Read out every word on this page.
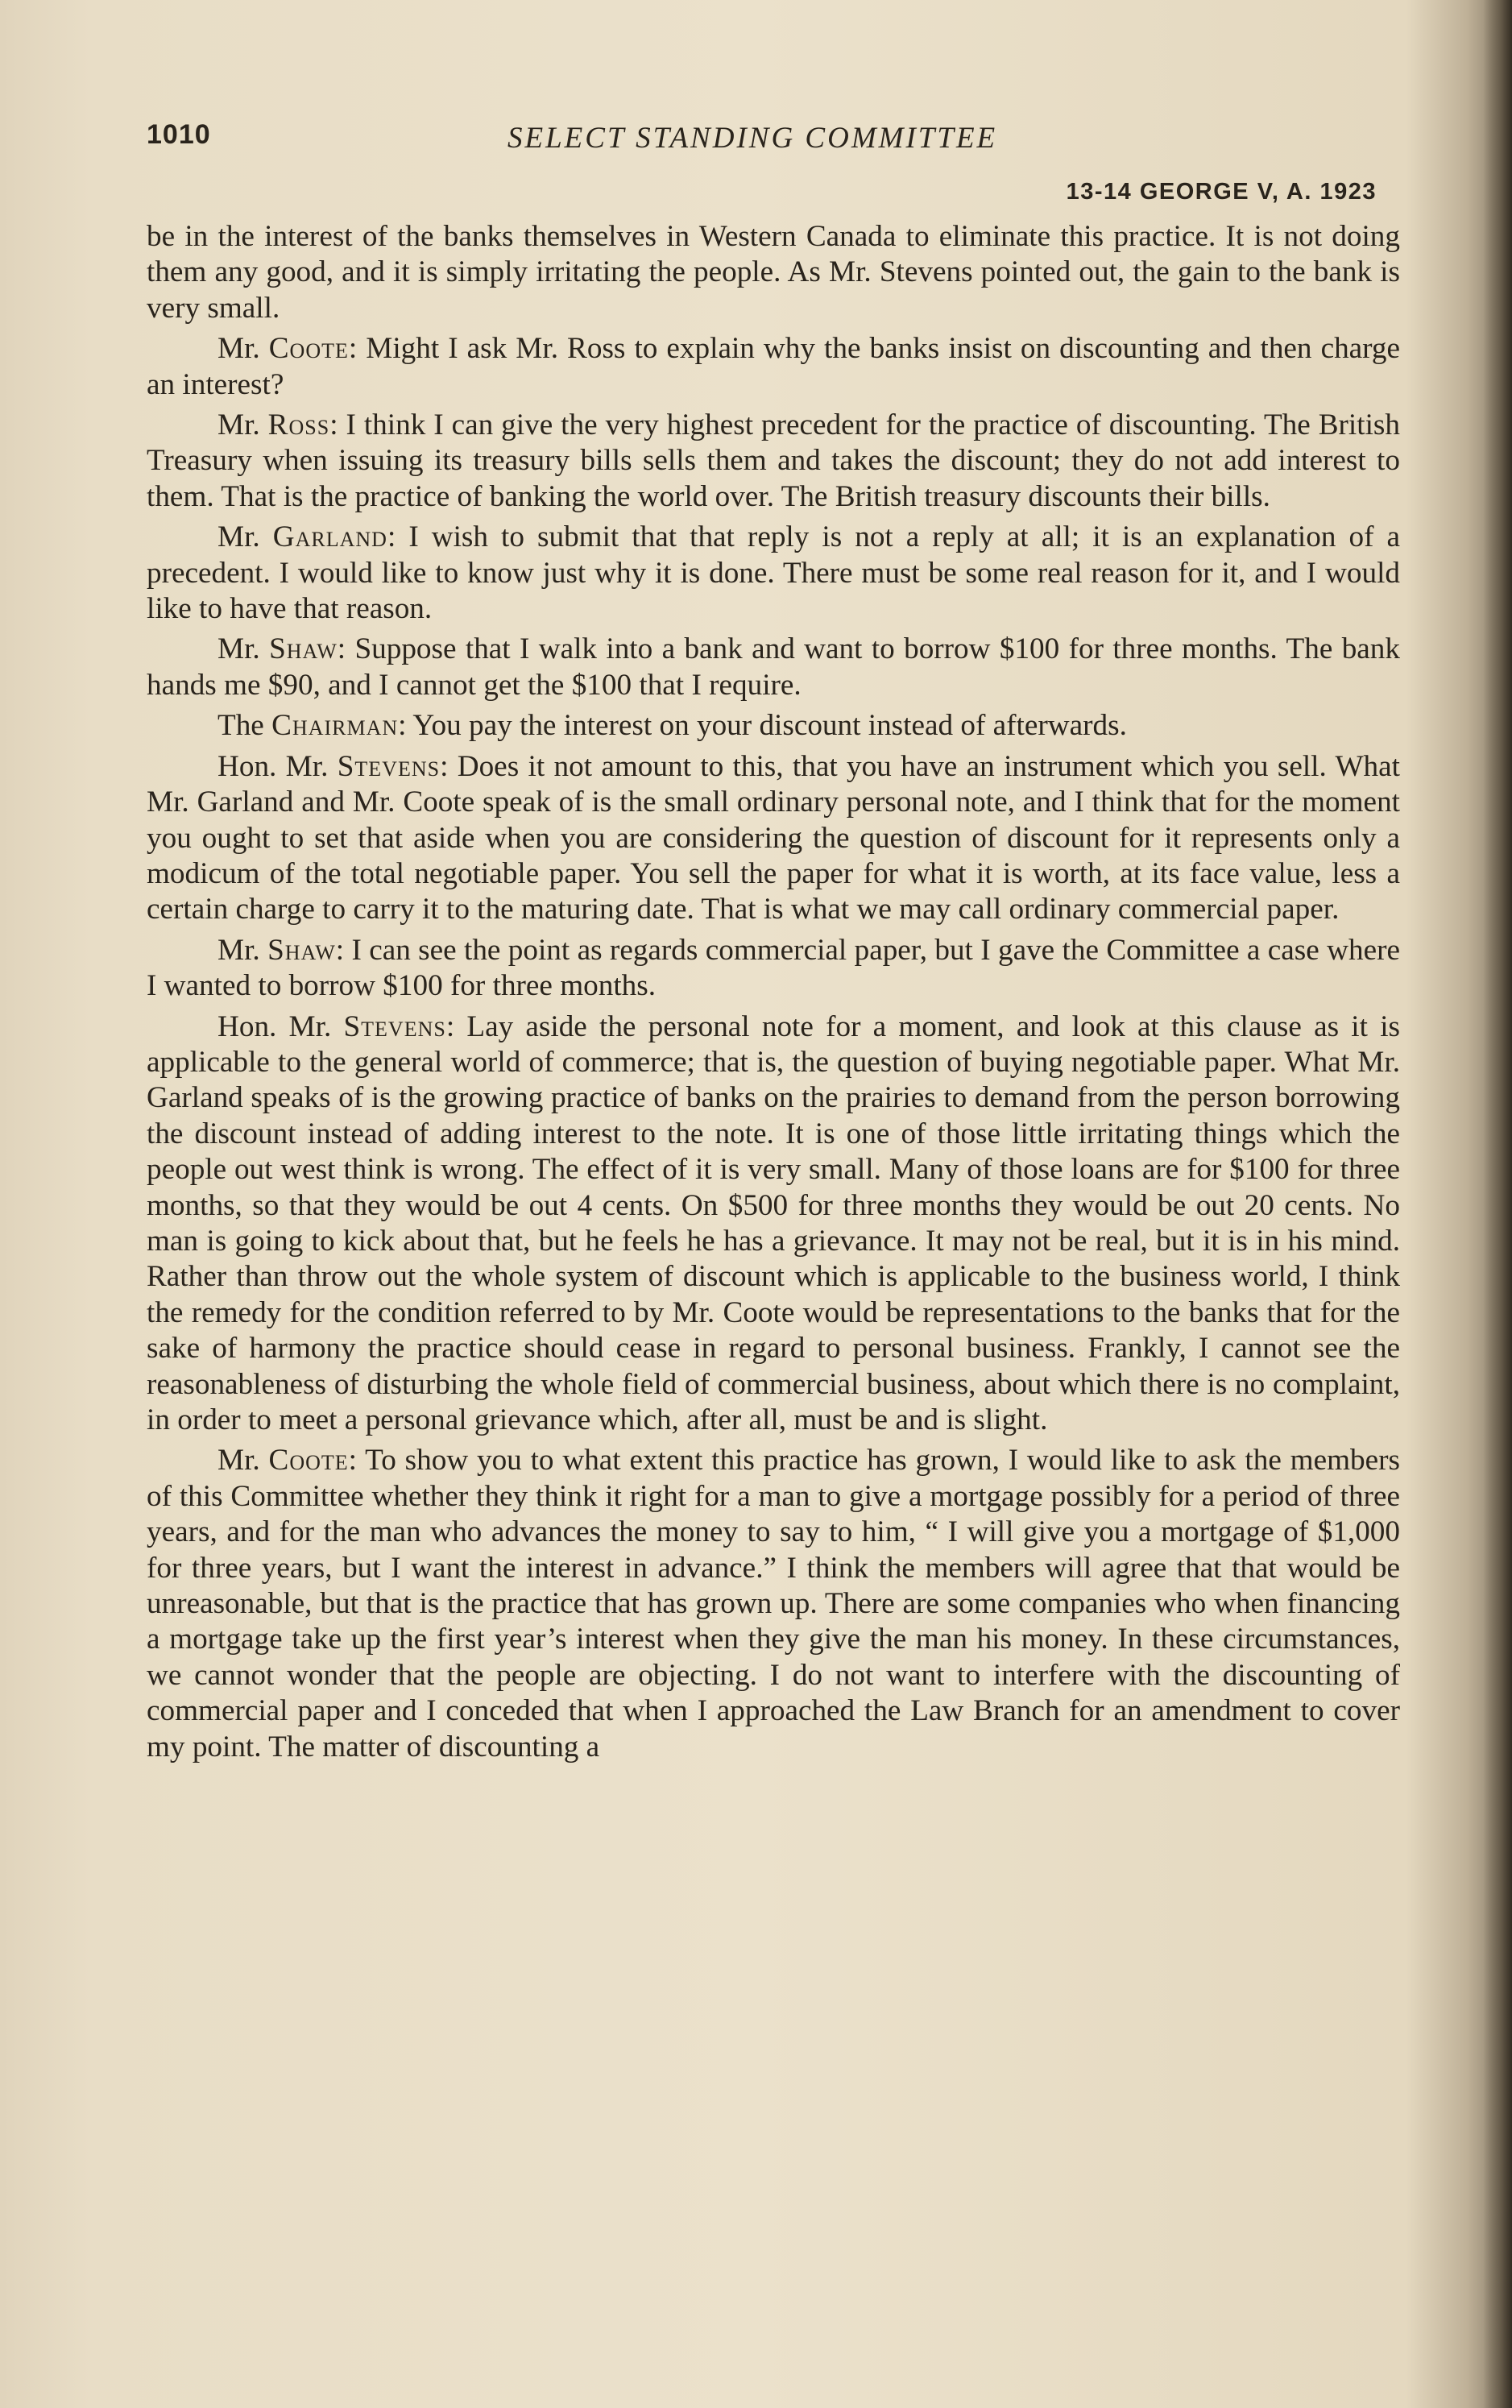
1010	SELECT STANDING COMMITTEE
13-14 GEORGE V, A. 1923

be in the interest of the banks themselves in Western Canada to eliminate this practice. It is not doing them any good, and it is simply irritating the people. As Mr. Stevens pointed out, the gain to the bank is very small.

Mr. Coote: Might I ask Mr. Ross to explain why the banks insist on discounting and then charge an interest?

Mr. Ross: I think I can give the very highest precedent for the practice of discounting. The British Treasury when issuing its treasury bills sells them and takes the discount; they do not add interest to them. That is the practice of banking the world over. The British treasury discounts their bills.

Mr. Garland: I wish to submit that that reply is not a reply at all; it is an explanation of a precedent. I would like to know just why it is done. There must be some real reason for it, and I would like to have that reason.

Mr. Shaw: Suppose that I walk into a bank and want to borrow $100 for three months. The bank hands me $90, and I cannot get the $100 that I require.

The Chairman: You pay the interest on your discount instead of afterwards.

Hon. Mr. Stevens: Does it not amount to this, that you have an instrument which you sell. What Mr. Garland and Mr. Coote speak of is the small ordinary personal note, and I think that for the moment you ought to set that aside when you are considering the question of discount for it represents only a modicum of the total negotiable paper. You sell the paper for what it is worth, at its face value, less a certain charge to carry it to the maturing date. That is what we may call ordinary commercial paper.

Mr. Shaw: I can see the point as regards commercial paper, but I gave the Committee a case where I wanted to borrow $100 for three months.

Hon. Mr. Stevens: Lay aside the personal note for a moment, and look at this clause as it is applicable to the general world of commerce; that is, the question of buying negotiable paper. What Mr. Garland speaks of is the growing practice of banks on the prairies to demand from the person borrowing the discount instead of adding interest to the note. It is one of those little irritating things which the people out west think is wrong. The effect of it is very small. Many of those loans are for $100 for three months, so that they would be out 4 cents. On $500 for three months they would be out 20 cents. No man is going to kick about that, but he feels he has a grievance. It may not be real, but it is in his mind. Rather than throw out the whole system of discount which is applicable to the business world, I think the remedy for the condition referred to by Mr. Coote would be representations to the banks that for the sake of harmony the practice should cease in regard to personal business. Frankly, I cannot see the reasonableness of disturbing the whole field of commercial business, about which there is no complaint, in order to meet a personal grievance which, after all, must be and is slight.

Mr. Coote: To show you to what extent this practice has grown, I would like to ask the members of this Committee whether they think it right for a man to give a mortgage possibly for a period of three years, and for the man who advances the money to say to him, “ I will give you a mortgage of $1,000 for three years, but I want the interest in advance.” I think the members will agree that that would be unreasonable, but that is the practice that has grown up. There are some companies who when financing a mortgage take up the first year’s interest when they give the man his money. In these circumstances, we cannot wonder that the people are objecting. I do not want to interfere with the discounting of commercial paper and I conceded that when I approached the Law Branch for an amendment to cover my point. The matter of discounting a
